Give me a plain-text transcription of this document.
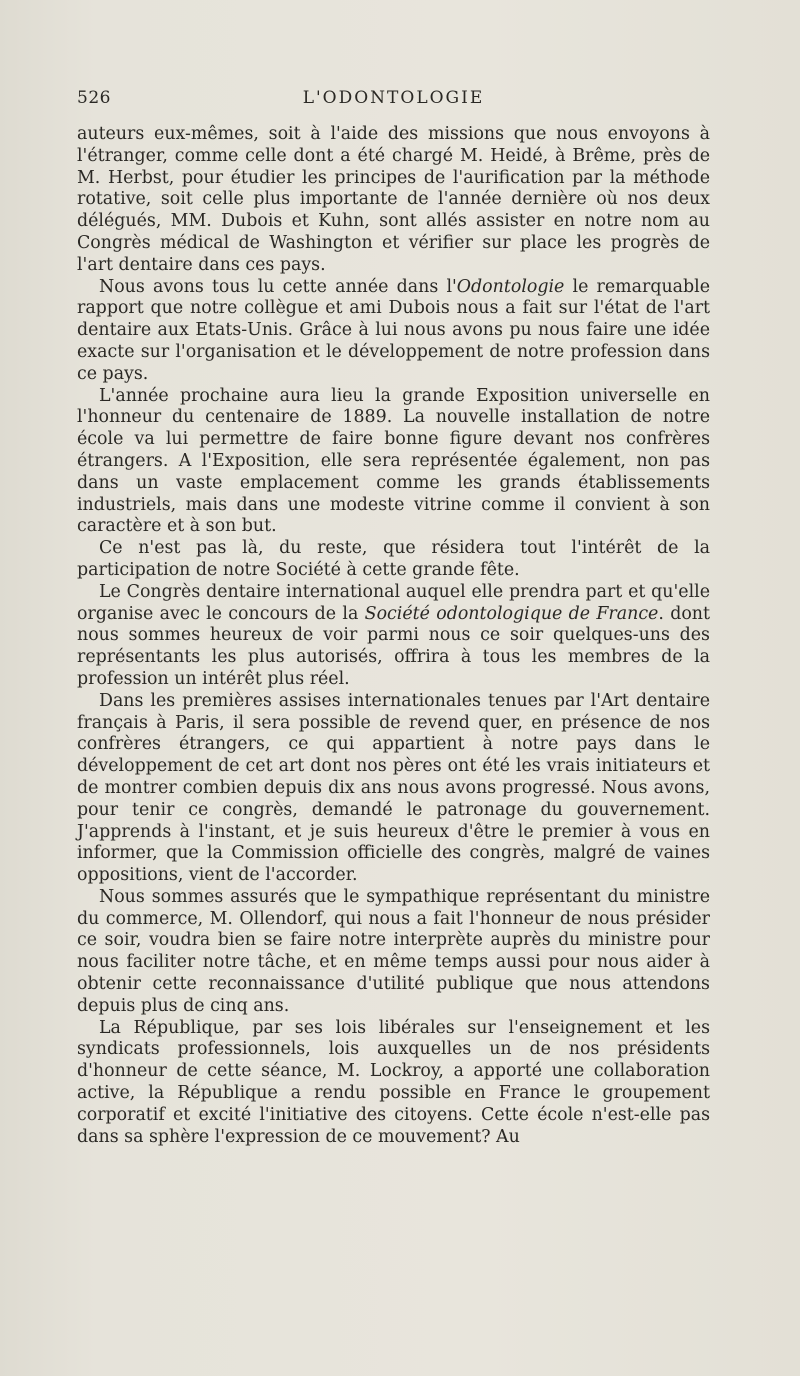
526	L'ODONTOLOGIE

auteurs eux-mêmes, soit à l'aide des missions que nous envoyons à l'étranger, comme celle dont a été chargé M. Heidé, à Brême, près de M. Herbst, pour étudier les principes de l'aurification par la méthode rotative, soit celle plus importante de l'année dernière où nos deux délégués, MM. Dubois et Kuhn, sont allés assister en notre nom au Congrès médical de Washington et vérifier sur place les progrès de l'art dentaire dans ces pays.

Nous avons tous lu cette année dans l'Odontologie le remarquable rapport que notre collègue et ami Dubois nous a fait sur l'état de l'art dentaire aux Etats-Unis. Grâce à lui nous avons pu nous faire une idée exacte sur l'organisation et le développement de notre profession dans ce pays.

L'année prochaine aura lieu la grande Exposition universelle en l'honneur du centenaire de 1889. La nouvelle installation de notre école va lui permettre de faire bonne figure devant nos confrères étrangers. A l'Exposition, elle sera représentée également, non pas dans un vaste emplacement comme les grands établissements industriels, mais dans une modeste vitrine comme il convient à son caractère et à son but.

Ce n'est pas là, du reste, que résidera tout l'intérêt de la participation de notre Société à cette grande fête.

Le Congrès dentaire international auquel elle prendra part et qu'elle organise avec le concours de la Société odontologique de France. dont nous sommes heureux de voir parmi nous ce soir quelques-uns des représentants les plus autorisés, offrira à tous les membres de la profession un intérêt plus réel.

Dans les premières assises internationales tenues par l'Art dentaire français à Paris, il sera possible de revend quer, en présence de nos confrères étrangers, ce qui appartient à notre pays dans le développement de cet art dont nos pères ont été les vrais initiateurs et de montrer combien depuis dix ans nous avons progressé. Nous avons, pour tenir ce congrès, demandé le patronage du gouvernement. J'apprends à l'instant, et je suis heureux d'être le premier à vous en informer, que la Commission officielle des congrès, malgré de vaines oppositions, vient de l'accorder.

Nous sommes assurés que le sympathique représentant du ministre du commerce, M. Ollendorf, qui nous a fait l'honneur de nous présider ce soir, voudra bien se faire notre interprète auprès du ministre pour nous faciliter notre tâche, et en même temps aussi pour nous aider à obtenir cette reconnaissance d'utilité publique que nous attendons depuis plus de cinq ans.

La République, par ses lois libérales sur l'enseignement et les syndicats professionnels, lois auxquelles un de nos présidents d'honneur de cette séance, M. Lockroy, a apporté une collaboration active, la République a rendu possible en France le groupement corporatif et excité l'initiative des citoyens. Cette école n'est-elle pas dans sa sphère l'expression de ce mouvement? Au
